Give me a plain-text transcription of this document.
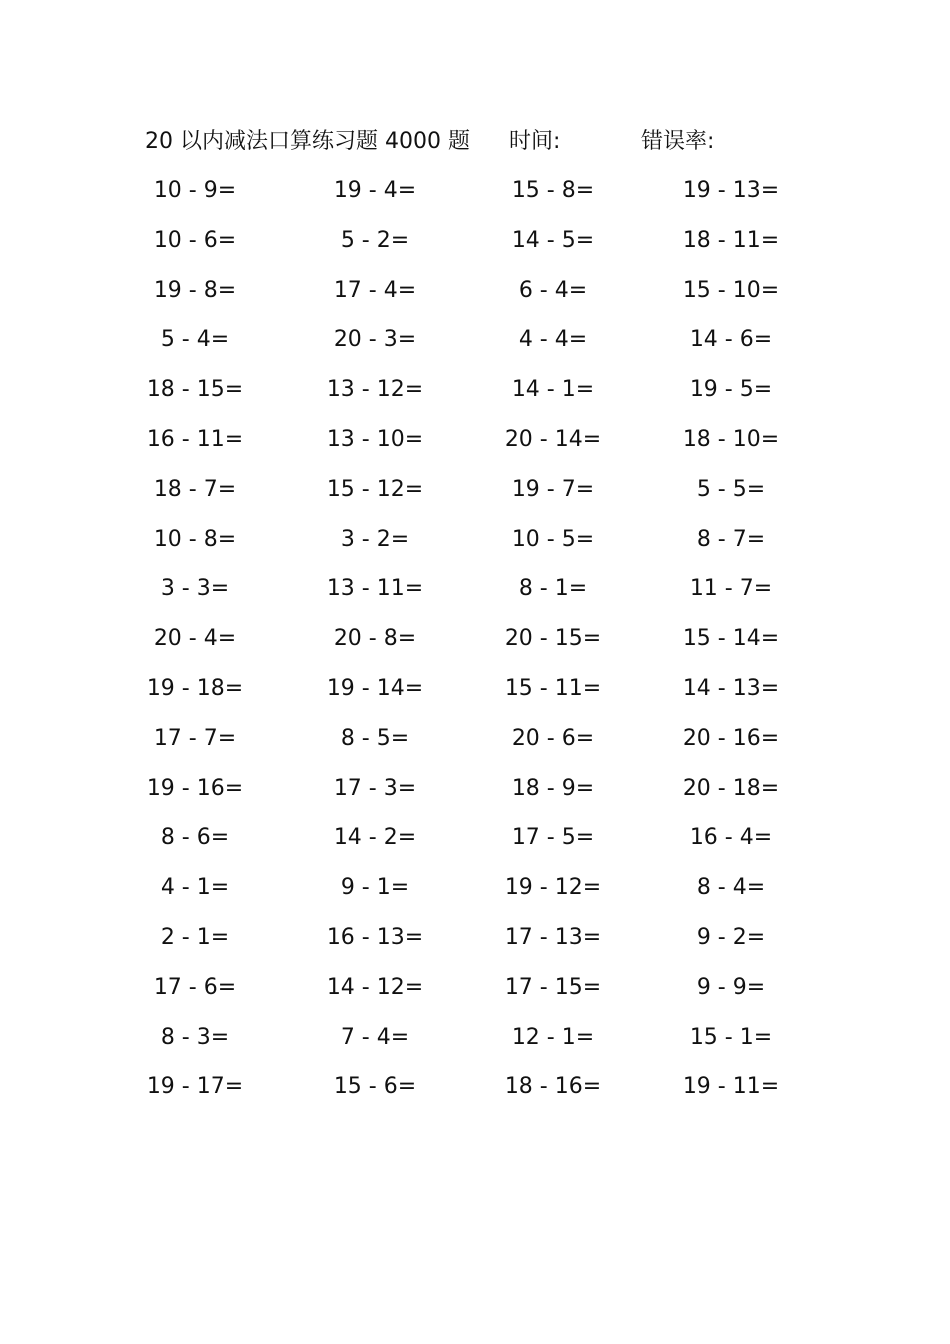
20 以内减法口算练习题 4000 题 时间:	错误率:
10 - 9=	19 - 4=	15 - 8=	19 - 13=
10 - 6=	5 - 2=	14 - 5=	18 - 11=
19 - 8=	17 - 4=	6 - 4=	15 - 10=
5 - 4=	20 - 3=	4 - 4=	14 - 6=
18 - 15=	13 - 12=	14 - 1=	19 - 5=
16 - 11=	13 - 10=	20 - 14=	18 - 10=
18 - 7=	15 - 12=	19 - 7=	5 - 5=
10 - 8=	3 - 2=	10 - 5=	8 - 7=
3 - 3=	13 - 11=	8 - 1=	11 - 7=
20 - 4=	20 - 8=	20 - 15=	15 - 14=
19 - 18=	19 - 14=	15 - 11=	14 - 13=
17 - 7=	8 - 5=	20 - 6=	20 - 16=
19 - 16=	17 - 3=	18 - 9=	20 - 18=
8 - 6=	14 - 2=	17 - 5=	16 - 4=
4 - 1=	9 - 1=	19 - 12=	8 - 4=
2 - 1=	16 - 13=	17 - 13=	9 - 2=
17 - 6=	14 - 12=	17 - 15=	9 - 9=
8 - 3=	7 - 4=	12 - 1=	15 - 1=
19 - 17=	15 - 6=	18 - 16=	19 - 11=
